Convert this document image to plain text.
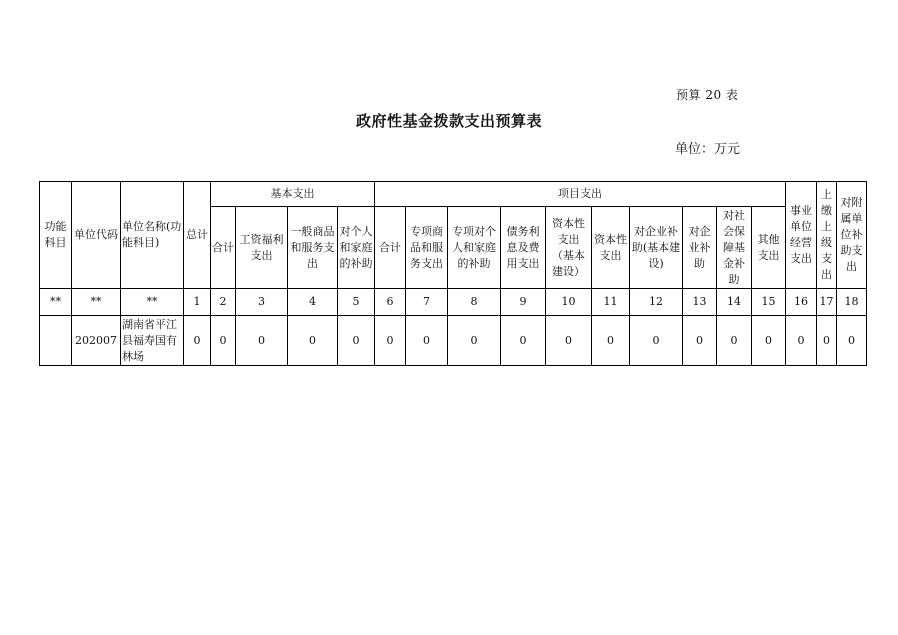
预算 20 表
政府性基金拨款支出预算表
单位：万元
功能科目	单位代码	单位名称(功能科目)	总计	基本支出				项目支出										事业单位经营支出	上缴上级支出	对附属单位补助支出
				合计	工资福利支出	一般商品和服务支出	对个人和家庭的补助	合计	专项商品和服务支出	专项对个人和家庭的补助	债务利息及费用支出	资本性支出（基本建设）	资本性支出	对企业补助(基本建设)	对企业补助	对社会保障基金补助	其他支出			
**	**	**	1	2	3	4	5	6	7	8	9	10	11	12	13	14	15	16	17	18
	202007	湖南省平江县福寿国有林场	0	0	0	0	0	0	0	0	0	0	0	0	0	0	0	0	0	0
